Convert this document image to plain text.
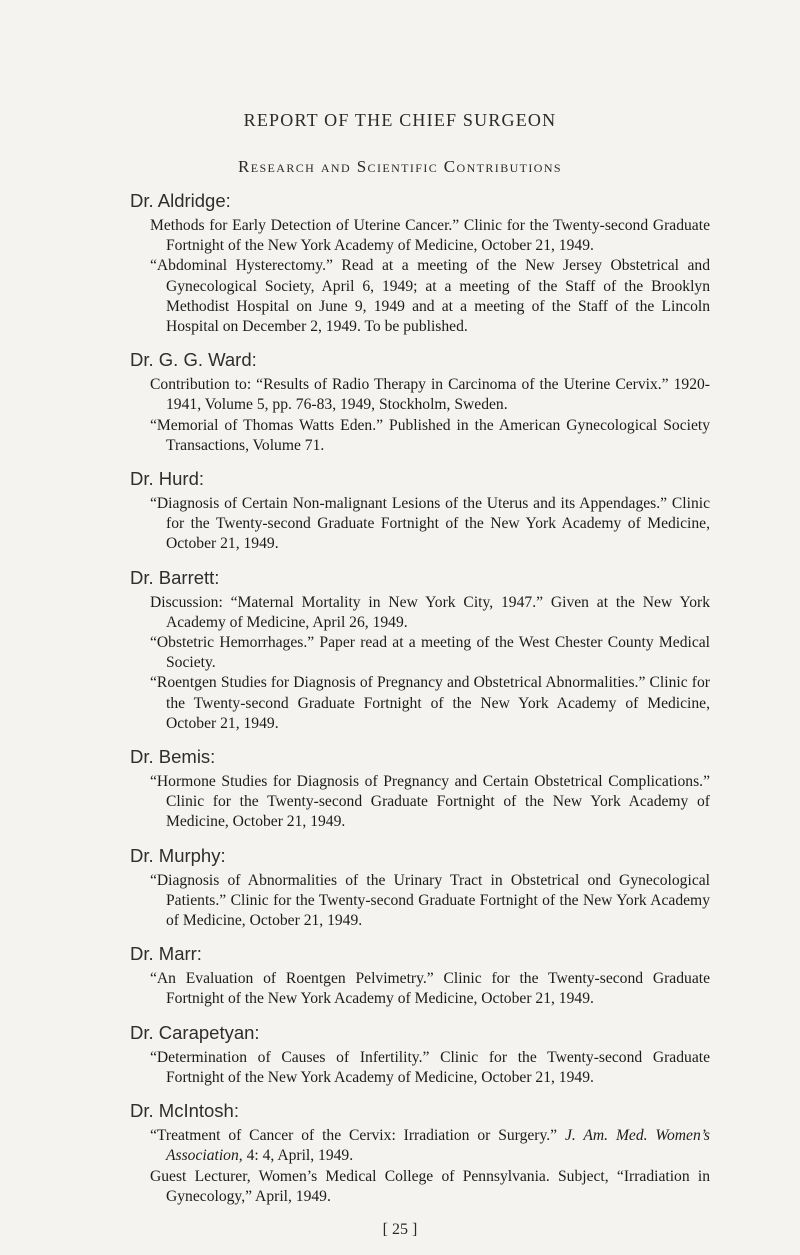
REPORT OF THE CHIEF SURGEON
Research and Scientific Contributions
Dr. Aldridge:

Methods for Early Detection of Uterine Cancer.” Clinic for the Twenty-second Graduate Fortnight of the New York Academy of Medicine, October 21, 1949.

“Abdominal Hysterectomy.” Read at a meeting of the New Jersey Obstetrical and Gynecological Society, April 6, 1949; at a meeting of the Staff of the Brooklyn Methodist Hospital on June 9, 1949 and at a meeting of the Staff of the Lincoln Hospital on December 2, 1949. To be published.

Dr. G. G. Ward:

Contribution to: “Results of Radio Therapy in Carcinoma of the Uterine Cervix.” 1920-1941, Volume 5, pp. 76-83, 1949, Stockholm, Sweden.

“Memorial of Thomas Watts Eden.” Published in the American Gynecological Society Transactions, Volume 71.

Dr. Hurd:

“Diagnosis of Certain Non-malignant Lesions of the Uterus and its Appendages.” Clinic for the Twenty-second Graduate Fortnight of the New York Academy of Medicine, October 21, 1949.

Dr. Barrett:

Discussion: “Maternal Mortality in New York City, 1947.” Given at the New York Academy of Medicine, April 26, 1949.

“Obstetric Hemorrhages.” Paper read at a meeting of the West Chester County Medical Society.

“Roentgen Studies for Diagnosis of Pregnancy and Obstetrical Abnormalities.” Clinic for the Twenty-second Graduate Fortnight of the New York Academy of Medicine, October 21, 1949.

Dr. Bemis:

“Hormone Studies for Diagnosis of Pregnancy and Certain Obstetrical Complications.” Clinic for the Twenty-second Graduate Fortnight of the New York Academy of Medicine, October 21, 1949.

Dr. Murphy:

“Diagnosis of Abnormalities of the Urinary Tract in Obstetrical ond Gynecological Patients.” Clinic for the Twenty-second Graduate Fortnight of the New York Academy of Medicine, October 21, 1949.

Dr. Marr:

“An Evaluation of Roentgen Pelvimetry.” Clinic for the Twenty-second Graduate Fortnight of the New York Academy of Medicine, October 21, 1949.

Dr. Carapetyan:

“Determination of Causes of Infertility.” Clinic for the Twenty-second Graduate Fortnight of the New York Academy of Medicine, October 21, 1949.

Dr. McIntosh:

“Treatment of Cancer of the Cervix: Irradiation or Surgery.” J. Am. Med. Women’s Association, 4: 4, April, 1949.

Guest Lecturer, Women’s Medical College of Pennsylvania. Subject, “Irradiation in Gynecology,” April, 1949.

[ 25 ]
